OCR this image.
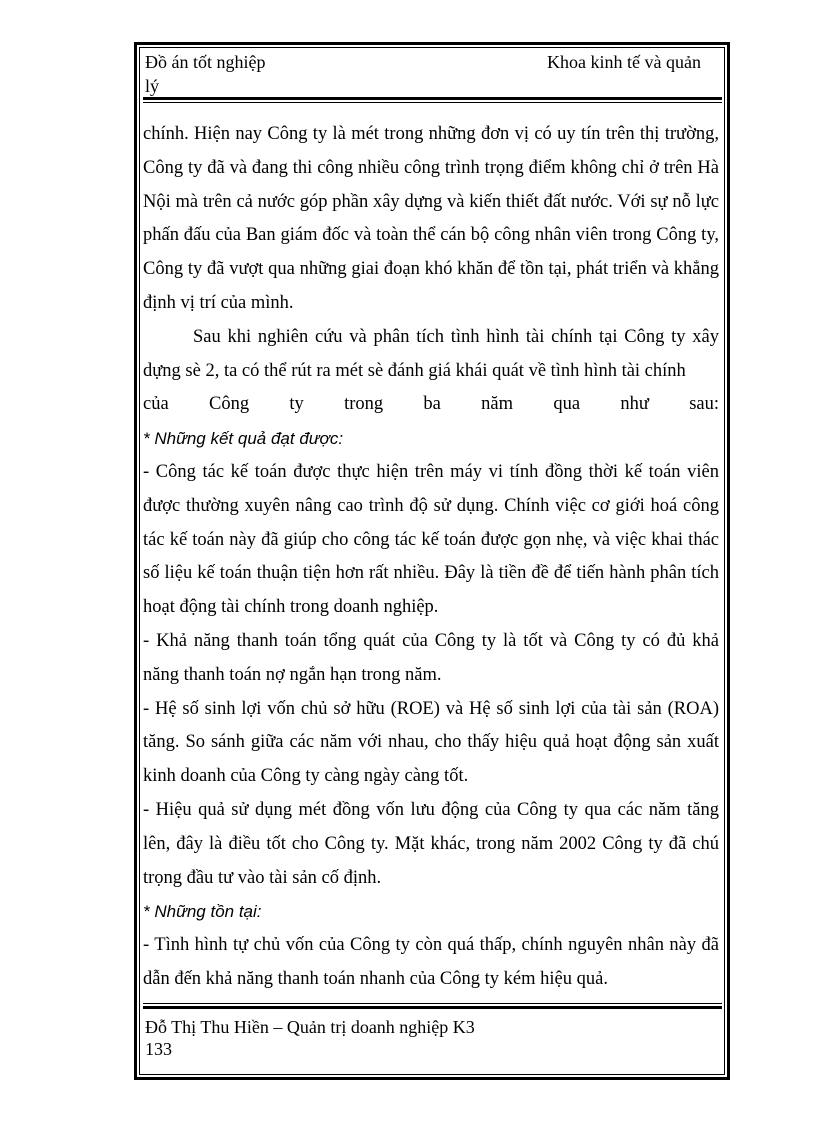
Đồ án tốt nghiệp	Khoa kinh tế và quản
lý

chính. Hiện nay Công ty là mét trong những đơn vị có uy tín trên thị trường, Công ty đã và đang thi công nhiều công trình trọng điểm không chỉ ở trên Hà Nội mà trên cả nước góp phần xây dựng và kiến thiết đất nước. Với sự nỗ lực phấn đấu của Ban giám đốc và toàn thể cán bộ công nhân viên trong Công ty, Công ty đã vượt qua những giai đoạn khó khăn để tồn tại, phát triển và khẳng định vị trí của mình.

Sau khi nghiên cứu và phân tích tình hình tài chính tại Công ty xây dựng sè 2, ta có thể rút ra mét sè đánh giá khái quát về tình hình tài chính

của Công ty trong ba năm qua như sau:

* Những kết quả đạt được:

- Công tác kế toán được thực hiện trên máy vi tính đồng thời kế toán viên được thường xuyên nâng cao trình độ sử dụng. Chính việc cơ giới hoá công tác kế toán này đã giúp cho công tác kế toán được gọn nhẹ, và việc khai thác số liệu kế toán thuận tiện hơn rất nhiều. Đây là tiền đề để tiến hành phân tích hoạt động tài chính trong doanh nghiệp.

- Khả năng thanh toán tổng quát của Công ty là tốt và Công ty có đủ khả năng thanh toán nợ ngắn hạn trong năm.

- Hệ số sinh lợi vốn chủ sở hữu (ROE) và Hệ số sinh lợi của tài sản (ROA) tăng. So sánh giữa các năm với nhau, cho thấy hiệu quả hoạt động sản xuất kinh doanh của Công ty càng ngày càng tốt.

- Hiệu quả sử dụng mét đồng vốn lưu động của Công ty qua các năm tăng lên, đây là điều tốt cho Công ty. Mặt khác, trong năm 2002 Công ty đã chú trọng đầu tư vào tài sản cố định.

* Những tồn tại:

- Tình hình tự chủ vốn của Công ty còn quá thấp, chính nguyên nhân này đã dẫn đến khả năng thanh toán nhanh của Công ty kém hiệu quả.

Đỗ Thị Thu Hiền – Quản trị doanh nghiệp K3
133
